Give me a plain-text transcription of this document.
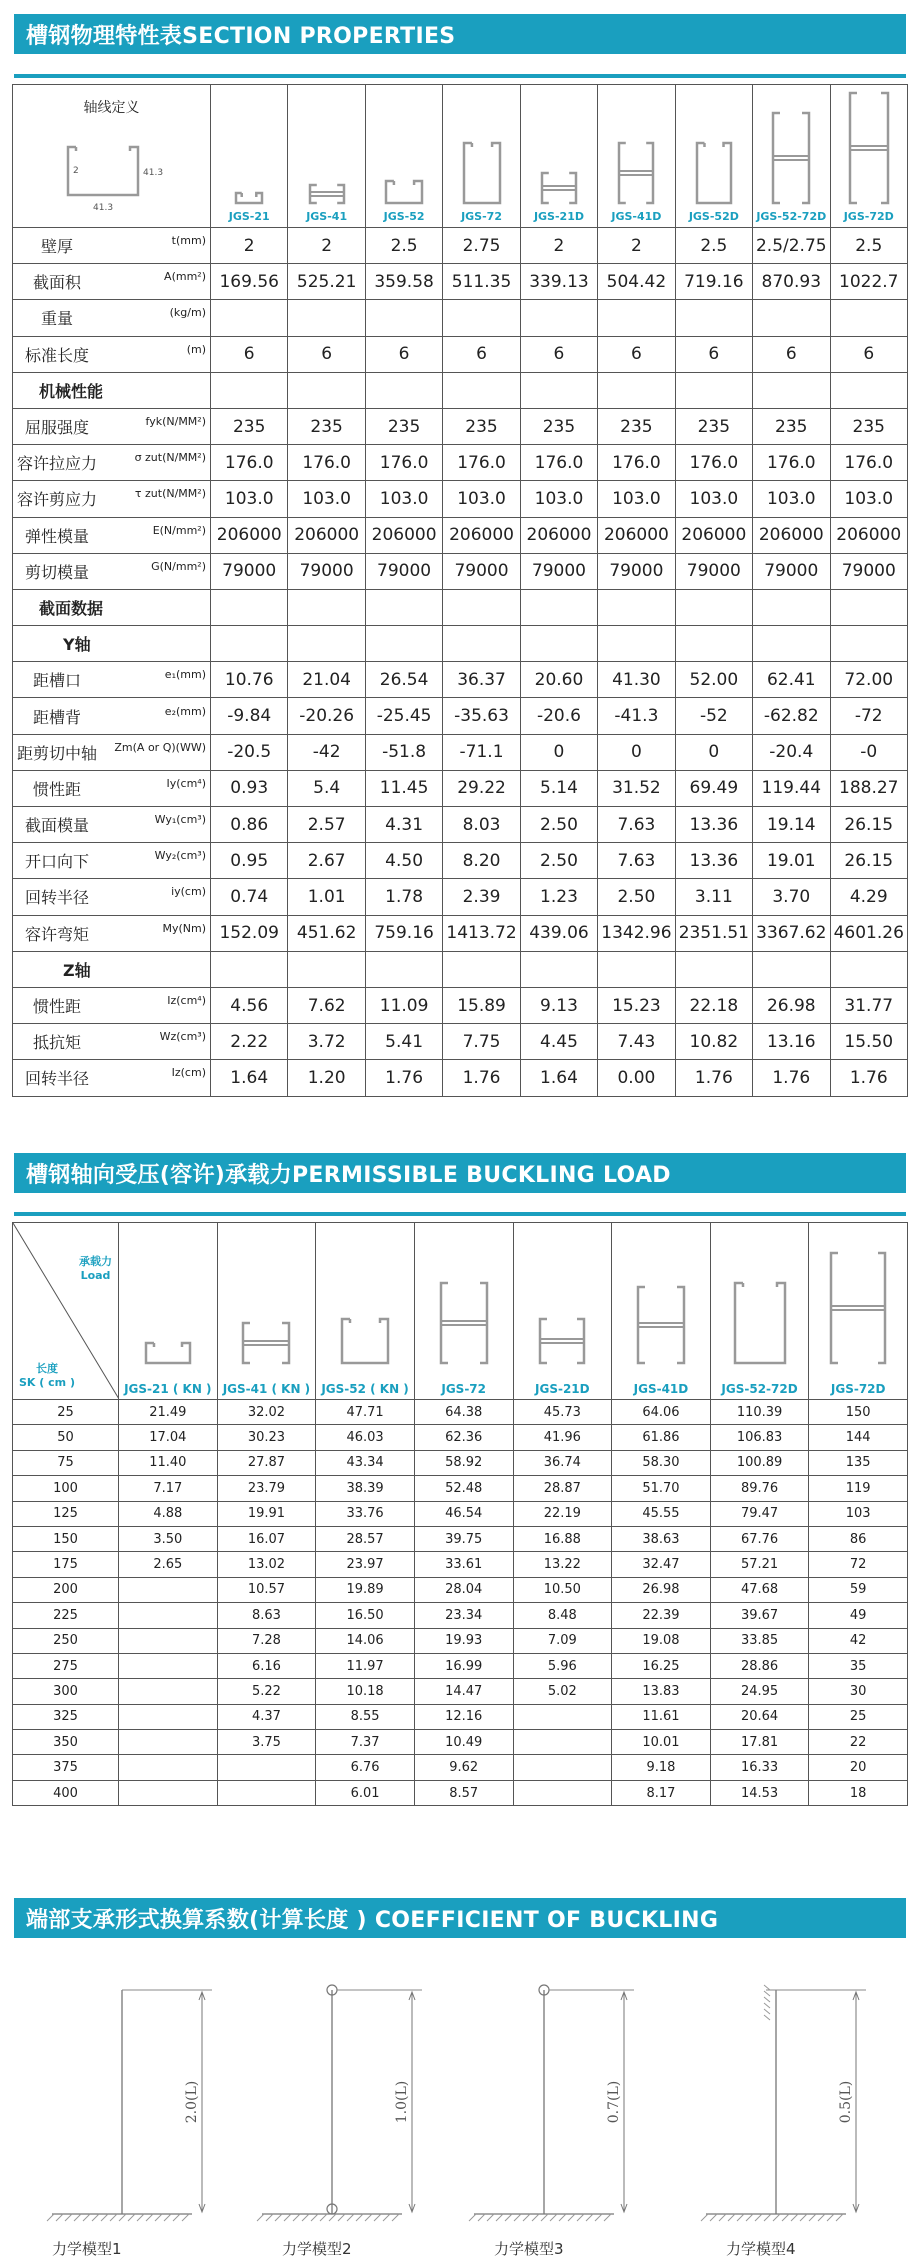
槽钢物理特性表SECTION PROPERTIES
轴线定义
2 41.3
41.3	JGS-21	JGS-41	JGS-52	JGS-72	JGS-21D	JGS-41D	JGS-52D	JGS-52-72D	JGS-72D

壁厚 t(mm)	2	2	2.5	2.75	2	2	2.5	2.5/2.75	2.5
截面积 A(mm²)	169.56	525.21	359.58	511.35	339.13	504.42	719.16	870.93	1022.7
重量 (kg/m)									

标准长度 (m)	6	6	6	6	6	6	6	6	6
机械性能									
屈服强度 fyk(N/MM²)	235	235	235	235	235	235	235	235	235
容许拉应力 σ zut(N/MM²)	176.0	176.0	176.0	176.0	176.0	176.0	176.0	176.0	176.0
容许剪应力 τ zut(N/MM²)	103.0	103.0	103.0	103.0	103.0	103.0	103.0	103.0	103.0
弹性模量 E(N/mm²)	206000	206000	206000	206000	206000	206000	206000	206000	206000
剪切模量 G(N/mm²)	79000	79000	79000	79000	79000	79000	79000	79000	79000
截面数据									
Y轴									
距槽口 e₁(mm)	10.76	21.04	26.54	36.37	20.60	41.30	52.00	62.41	72.00
距槽背 e₂(mm)	-9.84	-20.26	-25.45	-35.63	-20.6	-41.3	-52	-62.82	-72
距剪切中轴 Zm(A or Q)(WW)	-20.5	-42	-51.8	-71.1	0	0	0	-20.4	-0
惯性距 Iy(cm⁴)	0.93	5.4	11.45	29.22	5.14	31.52	69.49	119.44	188.27
截面模量 Wy₁(cm³)	0.86	2.57	4.31	8.03	2.50	7.63	13.36	19.14	26.15
开口向下 Wy₂(cm³)	0.95	2.67	4.50	8.20	2.50	7.63	13.36	19.01	26.15
回转半径 iy(cm)	0.74	1.01	1.78	2.39	1.23	2.50	3.11	3.70	4.29
容许弯矩 My(Nm)	152.09	451.62	759.16	1413.72	439.06	1342.96	2351.51	3367.62	4601.26
Z轴									
惯性距 Iz(cm⁴)	4.56	7.62	11.09	15.89	9.13	15.23	22.18	26.98	31.77
抵抗矩 Wz(cm³)	2.22	3.72	5.41	7.75	4.45	7.43	10.82	13.16	15.50
回转半径 Iz(cm)	1.64	1.20	1.76	1.76	1.64	0.00	1.76	1.76	1.76
槽钢轴向受压(容许)承载力PERMISSIBLE BUCKLING LOAD
承载力
Load
长度
SK ( cm )	JGS-21 ( KN )	JGS-41 ( KN )	JGS-52 ( KN )	JGS-72	JGS-21D	JGS-41D	JGS-52-72D	JGS-72D

25	21.49	32.02	47.71	64.38	45.73	64.06	110.39	150
50	17.04	30.23	46.03	62.36	41.96	61.86	106.83	144
75	11.40	27.87	43.34	58.92	36.74	58.30	100.89	135
100	7.17	23.79	38.39	52.48	28.87	51.70	89.76	119
125	4.88	19.91	33.76	46.54	22.19	45.55	79.47	103
150	3.50	16.07	28.57	39.75	16.88	38.63	67.76	86
175	2.65	13.02	23.97	33.61	13.22	32.47	57.21	72
200		10.57	19.89	28.04	10.50	26.98	47.68	59
225		8.63	16.50	23.34	8.48	22.39	39.67	49
250		7.28	14.06	19.93	7.09	19.08	33.85	42
275		6.16	11.97	16.99	5.96	16.25	28.86	35
300		5.22	10.18	14.47	5.02	13.83	24.95	30
325		4.37	8.55	12.16		11.61	20.64	25
350		3.75	7.37	10.49		10.01	17.81	22
375			6.76	9.62		9.18	16.33	20
400			6.01	8.57		8.17	14.53	18
端部支承形式换算系数(计算长度 ) COEFFICIENT OF BUCKLING
2.0(L)	1.0(L)	0.7(L)	0.5(L)
力学模型1	力学模型2	力学模型3	力学模型4
